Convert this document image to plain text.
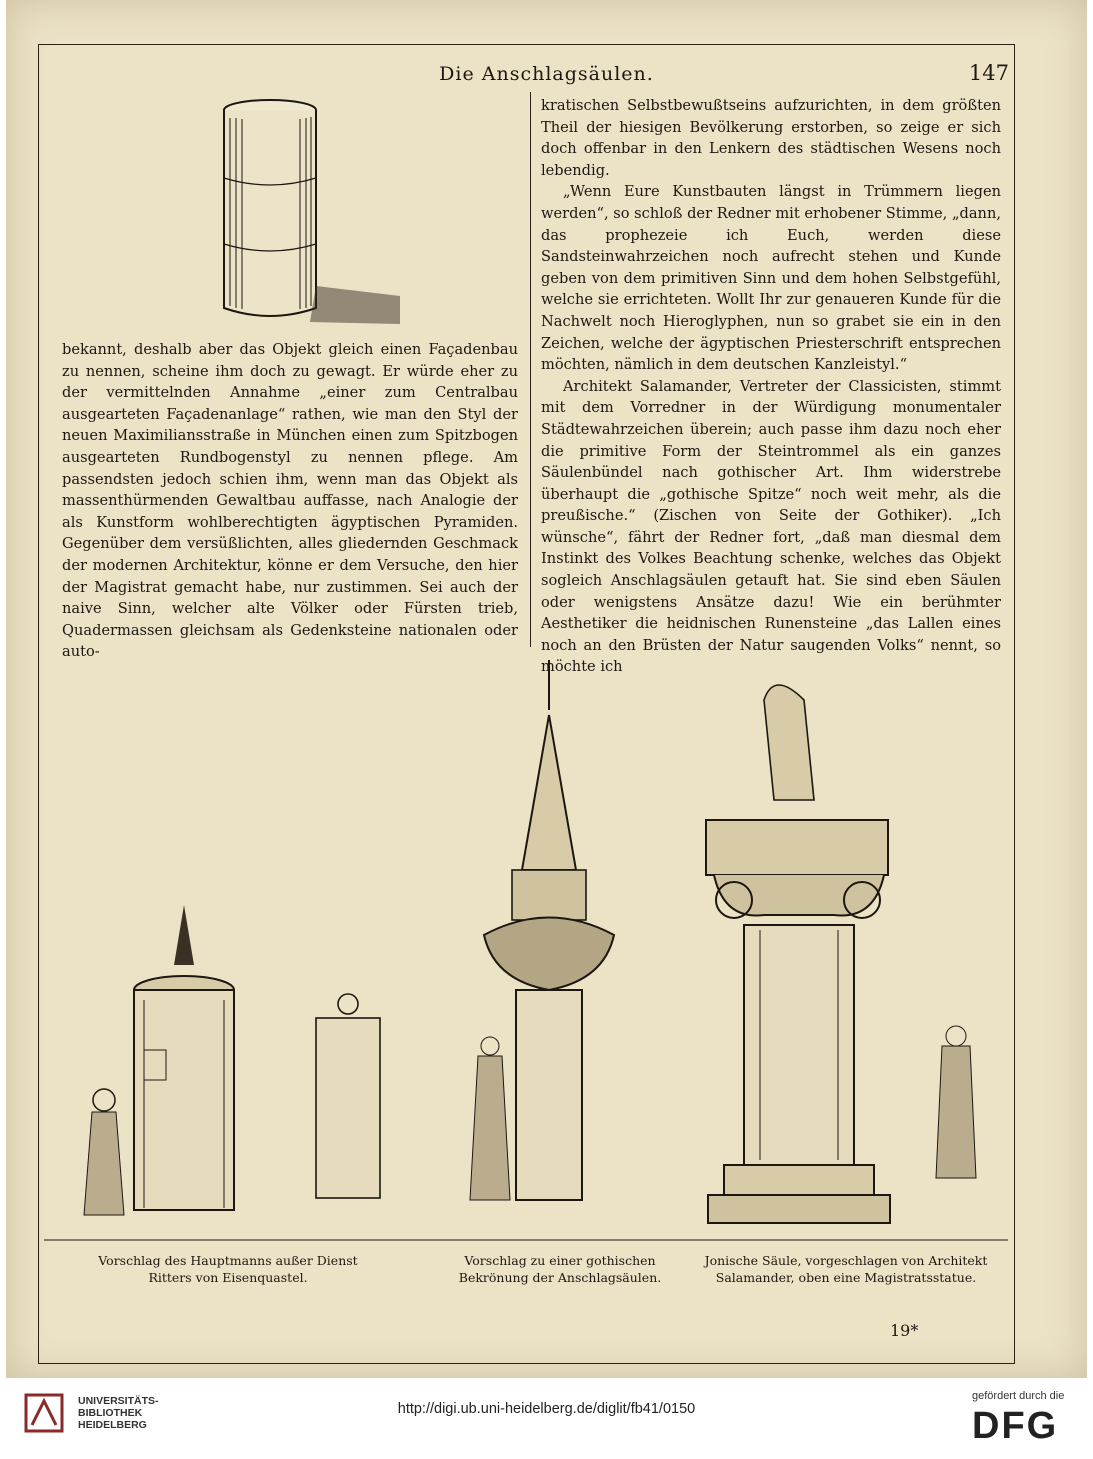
Die Anschlagsäulen.	147

bekannt, deshalb aber das Objekt gleich einen Façadenbau zu nennen, scheine ihm doch zu gewagt. Er würde eher zu der vermittelnden Annahme „einer zum Centralbau ausgearteten Façadenanlage“ rathen, wie man den Styl der neuen Maximiliansstraße in München einen zum Spitzbogen ausgearteten Rundbogenstyl zu nennen pflege. Am passendsten jedoch schien ihm, wenn man das Objekt als massenthürmenden Gewaltbau auffasse, nach Analogie der als Kunstform wohlberechtigten ägyptischen Pyramiden. Gegenüber dem versüßlichten, alles gliedernden Geschmack der modernen Architektur, könne er dem Versuche, den hier der Magistrat gemacht habe, nur zustimmen. Sei auch der naive Sinn, welcher alte Völker oder Fürsten trieb, Quadermassen gleichsam als Gedenksteine nationalen oder auto-

kratischen Selbstbewußtseins aufzurichten, in dem größten Theil der hiesigen Bevölkerung erstorben, so zeige er sich doch offenbar in den Lenkern des städtischen Wesens noch lebendig.

„Wenn Eure Kunstbauten längst in Trümmern liegen werden“, so schloß der Redner mit erhobener Stimme, „dann, das prophezeie ich Euch, werden diese Sandsteinwahrzeichen noch aufrecht stehen und Kunde geben von dem primitiven Sinn und dem hohen Selbstgefühl, welche sie errichteten. Wollt Ihr zur genaueren Kunde für die Nachwelt noch Hieroglyphen, nun so grabet sie ein in den Zeichen, welche der ägyptischen Priesterschrift entsprechen möchten, nämlich in dem deutschen Kanzleistyl.“

Architekt Salamander, Vertreter der Classicisten, stimmt mit dem Vorredner in der Würdigung monumentaler Städtewahrzeichen überein; auch passe ihm dazu noch eher die primitive Form der Steintrommel als ein ganzes Säulenbündel nach gothischer Art. Ihm widerstrebe überhaupt die „gothische Spitze“ noch weit mehr, als die preußische.“ (Zischen von Seite der Gothiker). „Ich wünsche“, fährt der Redner fort, „daß man diesmal dem Instinkt des Volkes Beachtung schenke, welches das Objekt sogleich Anschlagsäulen getauft hat. Sie sind eben Säulen oder wenigstens Ansätze dazu! Wie ein berühmter Aesthetiker die heidnischen Runensteine „das Lallen eines noch an den Brüsten der Natur saugenden Volks“ nennt, so möchte ich

Vorschlag des Hauptmanns außer Dienst
Ritters von Eisenquastel.
Vorschlag zu einer gothischen
Bekrönung der Anschlagsäulen.
Jonische Säule, vorgeschlagen von Architekt
Salamander, oben eine Magistratsstatue.
19*
UNIVERSITÄTS-
BIBLIOTHEK
HEIDELBERG
http://digi.ub.uni-heidelberg.de/diglit/fb41/0150
gefördert durch die
DFG
